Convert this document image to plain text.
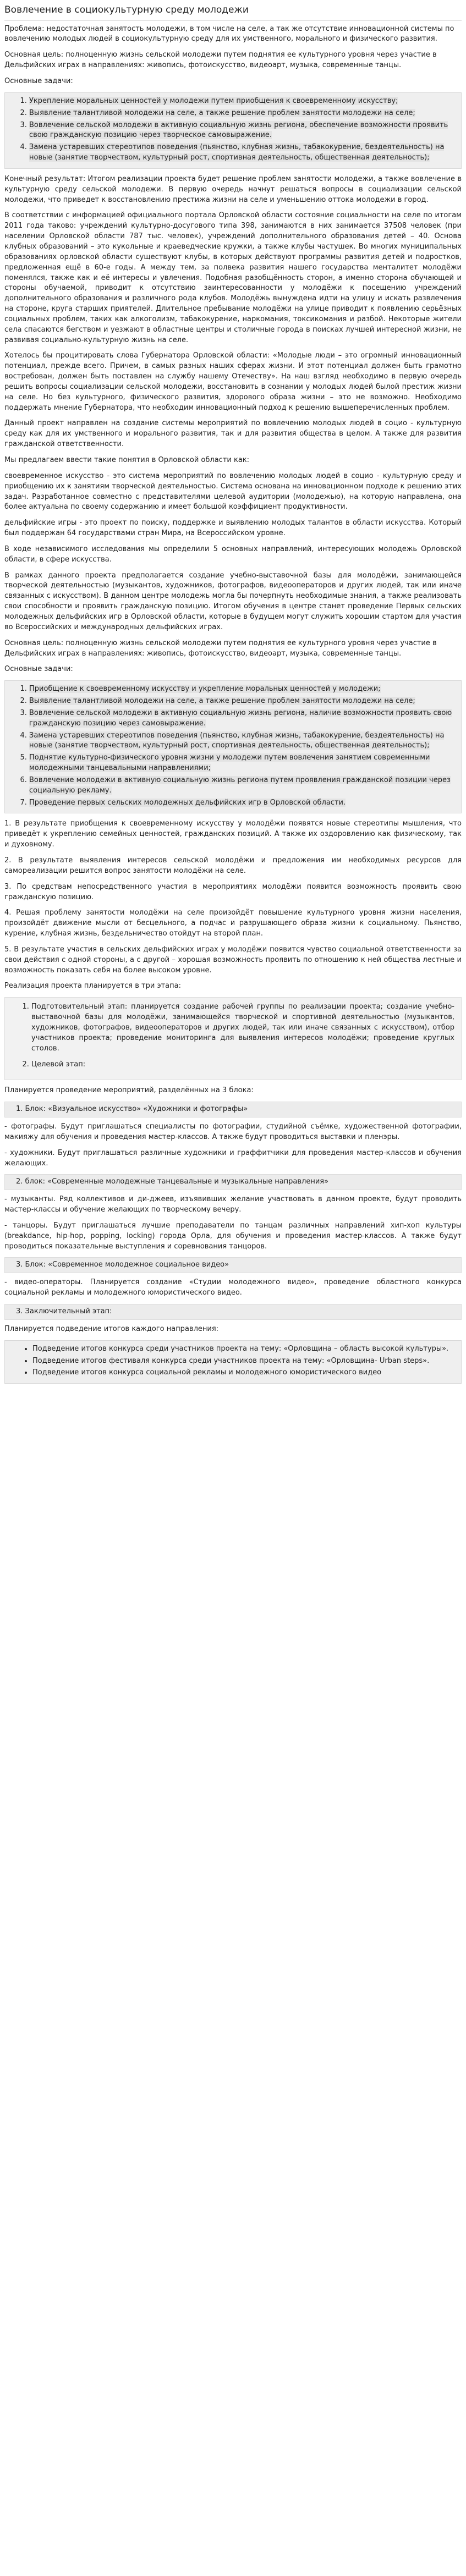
Вовлечение в социокультурную среду молодежи

Проблема: недостаточная занятость молодежи, в том числе на селе, а так же отсутствие инновационной системы по вовлечению молодых людей в социокультурную среду для их умственного, морального и физического развития.

Основная цель: полноценную жизнь сельской молодежи путем поднятия ее культурного уровня через участие в Дельфийских играх в направлениях: живопись, фотоискусство, видеоарт, музыка, современные танцы.

Основные задачи:

1. Укрепление моральных ценностей у молодежи путем приобщения к своевременному искусству;
2. Выявление талантливой молодежи на селе, а также решение проблем занятости молодежи на селе;
3. Вовлечение сельской молодежи в активную социальную жизнь региона, обеспечение возможности проявить свою гражданскую позицию через творческое самовыражение.
4. Замена устаревших стереотипов поведения (пьянство, клубная жизнь, табакокурение, бездеятельность) на новые (занятие творчеством, культурный рост, спортивная деятельность, общественная деятельность);

Конечный результат: Итогом реализации проекта будет решение проблем занятости молодежи, а также вовлечение в культурную среду сельской молодежи. В первую очередь начнут решаться вопросы в социализации сельской молодежи, что приведет к восстановлению престижа жизни на селе и уменьшению оттока молодежи в город.

В соответствии с информацией официального портала Орловской области состояние социальности на селе по итогам 2011 года таково: учреждений культурно-досугового типа 398, занимаются в них занимается 37508 человек (при населении Орловской области 787 тыс. человек), учреждений дополнительного образования детей – 40. Основа клубных образований – это кукольные и краеведческие кружки, а также клубы частушек. Во многих муниципальных образованиях орловской области существуют клубы, в которых действуют программы развития детей и подростков, предложенная ещё в 60-е годы. А между тем, за полвека развития нашего государства менталитет молодёжи поменялся, также как и её интересы и увлечения. Подобная разобщённость сторон, а именно сторона обучающей и стороны обучаемой, приводит к отсутствию заинтересованности у молодёжи к посещению учреждений дополнительного образования и различного рода клубов. Молодёжь вынуждена идти на улицу и искать развлечения на стороне, круга старших приятелей. Длительное пребывание молодёжи на улице приводит к появлению серьёзных социальных проблем, таких как алкоголизм, табакокурение, наркомания, токсикомания и разбой. Некоторые жители села спасаются бегством и уезжают в областные центры и столичные города в поисках лучшей интересной жизни, не развивая социально-культурную жизнь на селе.

Хотелось бы процитировать слова Губернатора Орловской области: «Молодые люди – это огромный инновационный потенциал, прежде всего. Причем, в самых разных наших сферах жизни. И этот потенциал должен быть грамотно востребован, должен быть поставлен на службу нашему Отечеству». На наш взгляд необходимо в первую очередь решить вопросы социализации сельской молодежи, восстановить в сознании у молодых людей былой престиж жизни на селе. Но без культурного, физического развития, здорового образа жизни – это не возможно. Необходимо поддержать мнение Губернатора, что необходим инновационный подход к решению вышеперечисленных проблем.

Данный проект направлен на создание системы мероприятий по вовлечению молодых людей в социо - культурную среду как для их умственного и морального развития, так и для развития общества в целом. А также для развития гражданской ответственности.

Мы предлагаем ввести такие понятия в Орловской области как:

своевременное искусство - это система мероприятий по вовлечению молодых людей в социо - культурную среду и приобщению их к занятиям творческой деятельностью. Система основана на инновационном подходе к решению этих задач. Разработанное совместно с представителями целевой аудитории (молодежью), на которую направлена, она более актуальна по своему содержанию и имеет большой коэффициент продуктивности.

дельфийские игры - это проект по поиску, поддержке и выявлению молодых талантов в области искусства. Который был поддержан 64 государствами стран Мира, на Всероссийском уровне.

В ходе независимого исследования мы определили 5 основных направлений, интересующих молодежь Орловской области, в сфере искусства.

В рамках данного проекта предполагается создание учебно-выставочной базы для молодёжи, занимающейся творческой деятельностью (музыкантов, художников, фотографов, видеооператоров и других людей, так или иначе связанных с искусством). В данном центре молодежь могла бы почерпнуть необходимые знания, а также реализовать свои способности и проявить гражданскую позицию. Итогом обучения в центре станет проведение Первых сельских молодежных дельфийских игр в Орловской области, которые в будущем могут служить хорошим стартом для участия во Всероссийских и международных дельфийских играх.

Основная цель: полноценную жизнь сельской молодежи путем поднятия ее культурного уровня через участие в Дельфийских играх в направлениях: живопись, фотоискусство, видеоарт, музыка, современные танцы.

Основные задачи:

1. Приобщение к своевременному искусству и укрепление моральных ценностей у молодежи;
2. Выявление талантливой молодежи на селе, а также решение проблем занятости молодежи на селе;
3. Вовлечение сельской молодежи в активную социальную жизнь региона, наличие возможности проявить свою гражданскую позицию через самовыражение.
4. Замена устаревших стереотипов поведения (пьянство, клубная жизнь, табакокурение, бездеятельность) на новые (занятие творчеством, культурный рост, спортивная деятельность, общественная деятельность);
5. Поднятие культурно-физического уровня жизни у молодежи путем вовлечения занятием современными молодежными танцевальными направлениями;
6. Вовлечение молодежи в активную социальную жизнь региона путем проявления гражданской позиции через социальную рекламу.
7. Проведение первых сельских молодежных дельфийских игр в Орловской области.

1. В результате приобщения к своевременному искусству у молодёжи появятся новые стереотипы мышления, что приведёт к укреплению семейных ценностей, гражданских позиций. А также их оздоровлению как физическому, так и духовному.

2. В результате выявления интересов сельской молодёжи и предложения им необходимых ресурсов для самореализации решится вопрос занятости молодёжи на селе.

3. По средствам непосредственного участия в мероприятиях молодёжи появится возможность проявить свою гражданскую позицию.

4. Решая проблему занятости молодёжи на селе произойдёт повышение культурного уровня жизни населения, произойдёт движение мысли от бесцельного, а подчас и разрушающего образа жизни к социальному. Пьянство, курение, клубная жизнь, бездельничество отойдут на второй план.

5. В результате участия в сельских дельфийских играх у молодёжи появится чувство социальной ответственности за свои действия с одной стороны, а с другой – хорошая возможность проявить по отношению к ней общества лестные и возможность показать себя на более высоком уровне.

Реализация проекта планируется в три этапа:

1. Подготовительный этап: планируется создание рабочей группы по реализации проекта; создание учебно-выставочной базы для молодёжи, занимающейся творческой и спортивной деятельностью (музыкантов, художников, фотографов, видеооператоров и других людей, так или иначе связанных с искусством), отбор участников проекта; проведение мониторинга для выявления интересов молодёжи; проведение круглых столов.
2. Целевой этап:

Планируется проведение мероприятий, разделённых на 3 блока:

1. Блок: «Визуальное искусство» «Художники и фотографы»

- фотографы. Будут приглашаться специалисты по фотографии, студийной съёмке, художественной фотографии, макияжу для обучения и проведения мастер-классов. А также будут проводиться выставки и пленэры.

- художники. Будут приглашаться различные художники и граффитчики для проведения мастер-классов и обучения желающих.

2. блок: «Современные молодежные танцевальные и музыкальные направления»

- музыканты. Ряд коллективов и ди-джеев, изъявивших желание участвовать в данном проекте, будут проводить мастер-классы и обучение желающих по творческому вечеру.

- танцоры. Будут приглашаться лучшие преподаватели по танцам различных направлений хип-хоп культуры (breakdance, hip-hop, popping, locking) города Орла, для обучения и проведения мастер-классов. А также будут проводиться показательные выступления и соревнования танцоров.

3. Блок: «Современное молодежное социальное видео»

- видео-операторы. Планируется создание «Студии молодежного видео», проведение областного конкурса социальной рекламы и молодежного юмористического видео.

3. Заключительный этап:

Планируется подведение итогов каждого направления:

• Подведение итогов конкурса среди участников проекта на тему: «Орловщина – область высокой культуры».
• Подведение итогов фестиваля конкурса среди участников проекта на тему: «Орловщина- Urban steps».
• Подведение итогов конкурса социальной рекламы и молодежного юмористического видео
